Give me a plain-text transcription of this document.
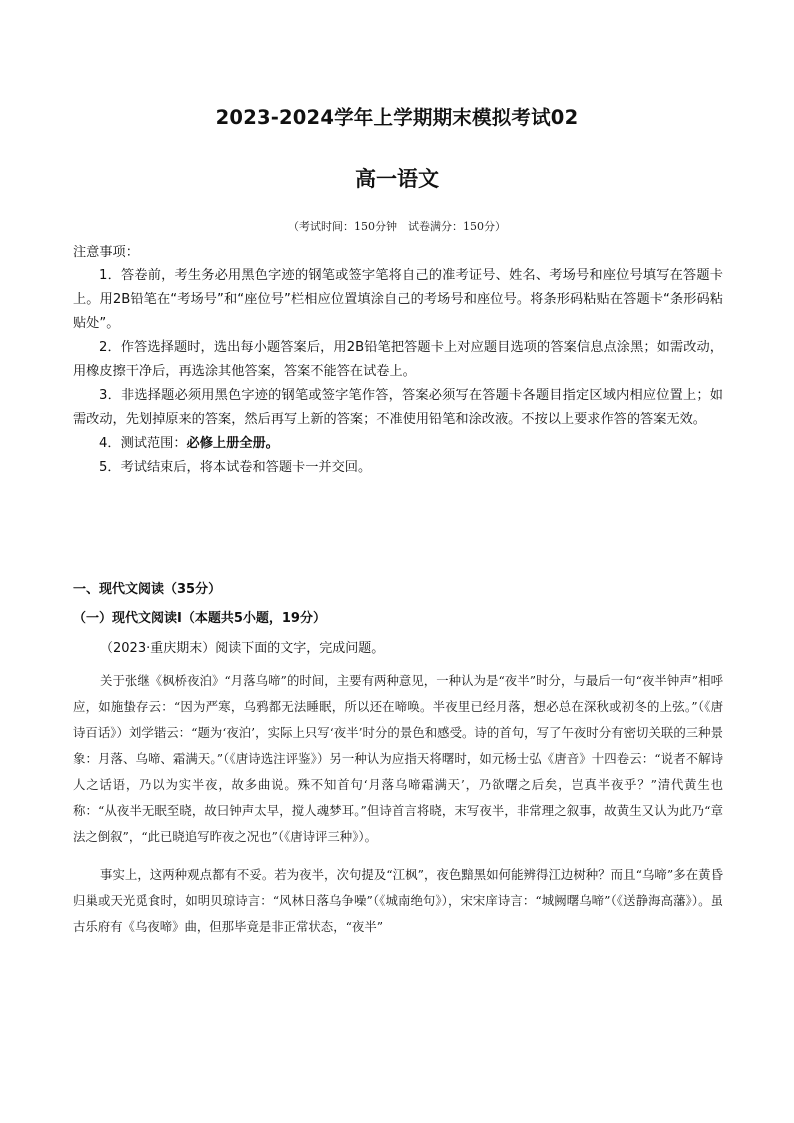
2023-2024学年上学期期末模拟考试02
高一语文
（考试时间：150分钟　试卷满分：150分）
注意事项：

1．答卷前，考生务必用黑色字迹的钢笔或签字笔将自己的准考证号、姓名、考场号和座位号填写在答题卡上。用2B铅笔在“考场号”和“座位号”栏相应位置填涂自己的考场号和座位号。将条形码粘贴在答题卡“条形码粘贴处”。

2．作答选择题时，选出每小题答案后，用2B铅笔把答题卡上对应题目选项的答案信息点涂黑；如需改动，用橡皮擦干净后，再选涂其他答案，答案不能答在试卷上。

3．非选择题必须用黑色字迹的钢笔或签字笔作答，答案必须写在答题卡各题目指定区域内相应位置上；如需改动，先划掉原来的答案，然后再写上新的答案；不准使用铅笔和涂改液。不按以上要求作答的答案无效。

4．测试范围：必修上册全册。

5．考试结束后，将本试卷和答题卡一并交回。

一、现代文阅读（35分）
（一）现代文阅读Ⅰ（本题共5小题，19分）
（2023·重庆期末）阅读下面的文字，完成问题。

关于张继《枫桥夜泊》“月落乌啼”的时间，主要有两种意见，一种认为是“夜半”时分，与最后一句“夜半钟声”相呼应，如施蛰存云：“因为严寒，乌鸦都无法睡眠，所以还在啼唤。半夜里已经月落，想必总在深秋或初冬的上弦。”（《唐诗百话》）刘学锴云：“题为‘夜泊’，实际上只写‘夜半’时分的景色和感受。诗的首句，写了午夜时分有密切关联的三种景象：月落、乌啼、霜满天。”（《唐诗选注评鉴》）另一种认为应指天将曙时，如元杨士弘《唐音》十四卷云：“说者不解诗人之话语，乃以为实半夜，故多曲说。殊不知首句‘月落乌啼霜满天’，乃欲曙之后矣，岂真半夜乎？”清代黄生也称：“从夜半无眠至晓，故曰钟声太早，搅人魂梦耳。”但诗首言将晓，末写夜半，非常理之叙事，故黄生又认为此乃“章法之倒叙”，“此已晓追写昨夜之况也”（《唐诗评三种》）。

事实上，这两种观点都有不妥。若为夜半，次句提及“江枫”，夜色黯黑如何能辨得江边树种？而且“乌啼”多在黄昏归巢或天光觅食时，如明贝琼诗言：“风林日落乌争噪”（《城南绝句》），宋宋庠诗言：“城阙曙乌啼”（《送静海高藩》）。虽古乐府有《乌夜啼》曲，但那毕竟是非正常状态，“夜半”
